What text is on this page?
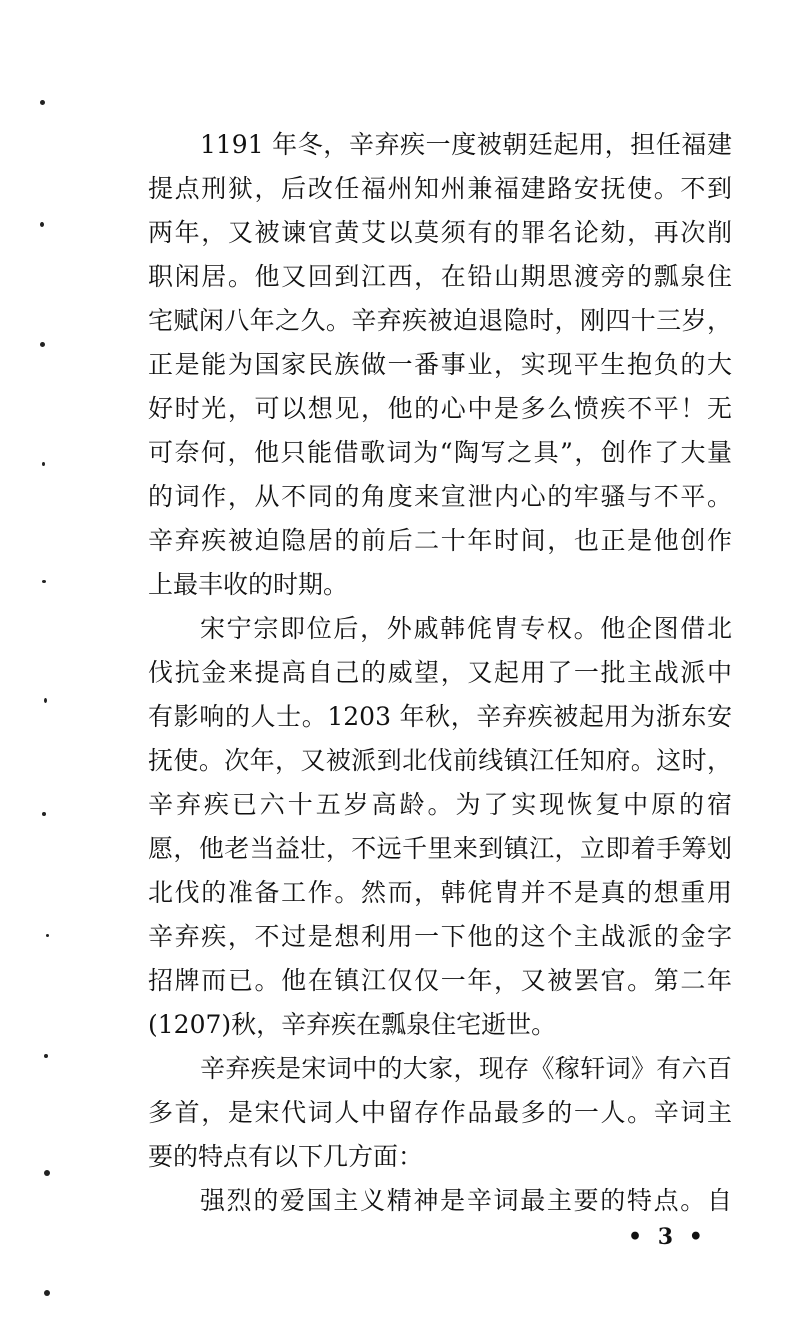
1191 年冬，辛弃疾一度被朝廷起用，担任福建
提点刑狱，后改任福州知州兼福建路安抚使。不到
两年，又被谏官黄艾以莫须有的罪名论劾，再次削
职闲居。他又回到江西，在铅山期思渡旁的瓢泉住
宅赋闲八年之久。辛弃疾被迫退隐时，刚四十三岁，
正是能为国家民族做一番事业，实现平生抱负的大
好时光，可以想见，他的心中是多么愤疾不平！无
可奈何，他只能借歌词为“陶写之具”，创作了大量
的词作，从不同的角度来宣泄内心的牢骚与不平。
辛弃疾被迫隐居的前后二十年时间，也正是他创作
上最丰收的时期。
宋宁宗即位后，外戚韩侂胄专权。他企图借北
伐抗金来提高自己的威望，又起用了一批主战派中
有影响的人士。1203 年秋，辛弃疾被起用为浙东安
抚使。次年，又被派到北伐前线镇江任知府。这时，
辛弃疾已六十五岁高龄。为了实现恢复中原的宿
愿，他老当益壮，不远千里来到镇江，立即着手筹划
北伐的准备工作。然而，韩侂胄并不是真的想重用
辛弃疾，不过是想利用一下他的这个主战派的金字
招牌而已。他在镇江仅仅一年，又被罢官。第二年
(1207)秋，辛弃疾在瓢泉住宅逝世。
辛弃疾是宋词中的大家，现存《稼轩词》有六百
多首，是宋代词人中留存作品最多的一人。辛词主
要的特点有以下几方面：
强烈的爱国主义精神是辛词最主要的特点。自
• 3 •
